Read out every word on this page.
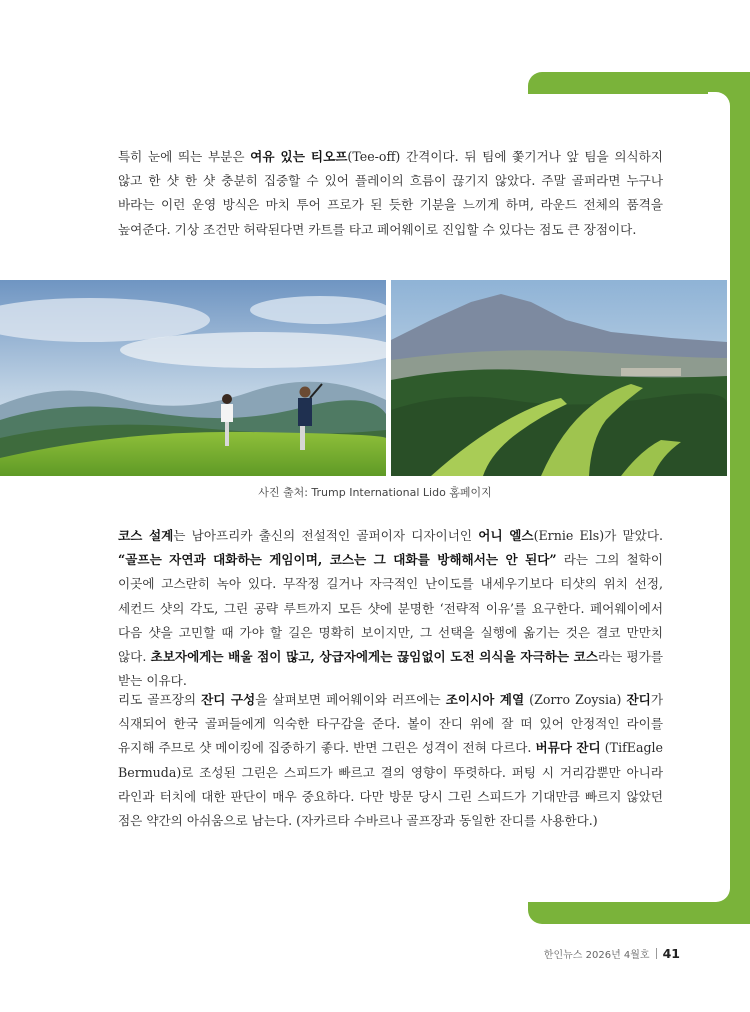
특히 눈에 띄는 부분은 여유 있는 티오프(Tee-off) 간격이다. 뒤 팀에 쫓기거나 앞 팀을 의식하지 않고 한 샷 한 샷 충분히 집중할 수 있어 플레이의 흐름이 끊기지 않았다. 주말 골퍼라면 누구나 바라는 이런 운영 방식은 마치 투어 프로가 된 듯한 기분을 느끼게 하며, 라운드 전체의 품격을 높여준다. 기상 조건만 허락된다면 카트를 타고 페어웨이로 진입할 수 있다는 점도 큰 장점이다.

사진 출처: Trump International Lido 홈페이지

코스 설계는 남아프리카 출신의 전설적인 골퍼이자 디자이너인 어니 엘스(Ernie Els)가 맡았다. “골프는 자연과 대화하는 게임이며, 코스는 그 대화를 방해해서는 안 된다” 라는 그의 철학이 이곳에 고스란히 녹아 있다. 무작정 길거나 자극적인 난이도를 내세우기보다 티샷의 위치 선정, 세컨드 샷의 각도, 그린 공략 루트까지 모든 샷에 분명한 ‘전략적 이유’를 요구한다. 페어웨이에서 다음 샷을 고민할 때 가야 할 길은 명확히 보이지만, 그 선택을 실행에 옮기는 것은 결코 만만치 않다. 초보자에게는 배울 점이 많고, 상급자에게는 끊임없이 도전 의식을 자극하는 코스라는 평가를 받는 이유다.

리도 골프장의 잔디 구성을 살펴보면 페어웨이와 러프에는 조이시아 계열 (Zorro Zoysia) 잔디가 식재되어 한국 골퍼들에게 익숙한 타구감을 준다. 볼이 잔디 위에 잘 떠 있어 안정적인 라이를 유지해 주므로 샷 메이킹에 집중하기 좋다. 반면 그린은 성격이 전혀 다르다. 버뮤다 잔디 (TifEagle Bermuda)로 조성된 그린은 스피드가 빠르고 결의 영향이 뚜렷하다. 퍼팅 시 거리감뿐만 아니라 라인과 터치에 대한 판단이 매우 중요하다. 다만 방문 당시 그린 스피드가 기대만큼 빠르지 않았던 점은 약간의 아쉬움으로 남는다. (자카르타 수바르나 골프장과 동일한 잔디를 사용한다.)

한인뉴스 2026년 4월호 41
